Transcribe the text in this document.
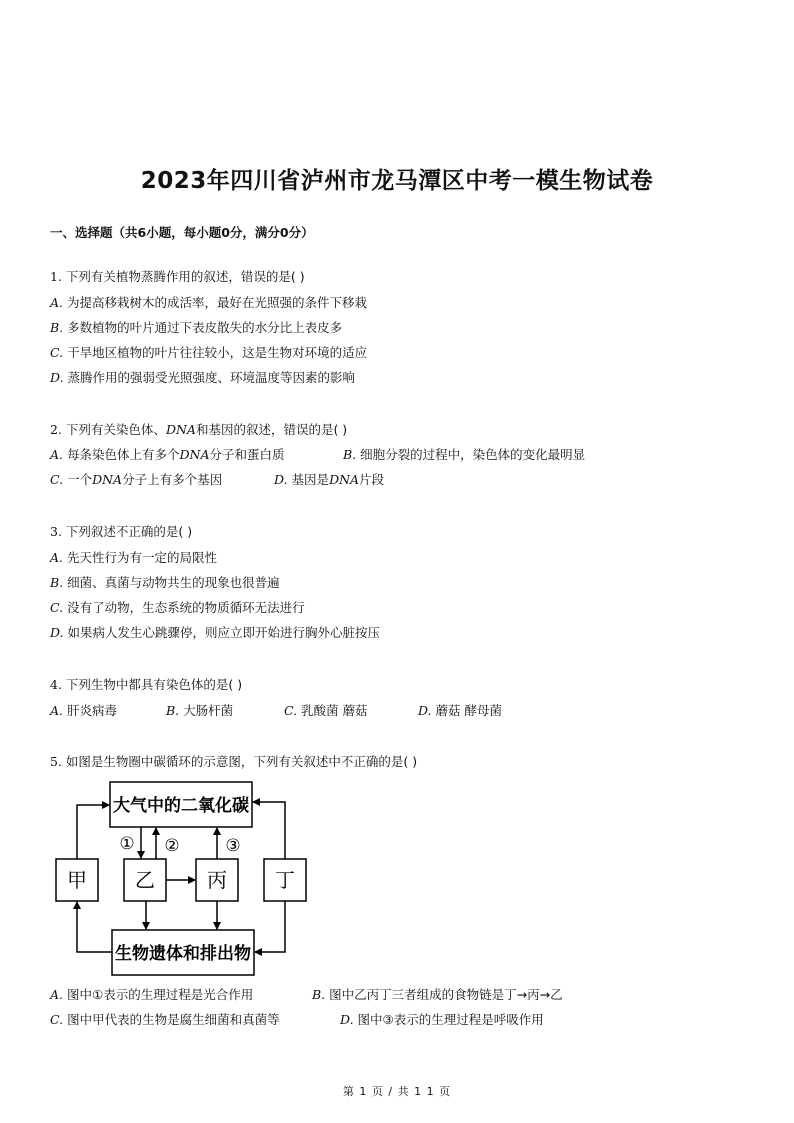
2023年四川省泸州市龙马潭区中考一模生物试卷
一、选择题（共6小题，每小题0分，满分0分）
1. 下列有关植物蒸腾作用的叙述，错误的是( )
A. 为提高移栽树木的成活率，最好在光照强的条件下移栽
B. 多数植物的叶片通过下表皮散失的水分比上表皮多
C. 干旱地区植物的叶片往往较小，这是生物对环境的适应
D. 蒸腾作用的强弱受光照强度、环境温度等因素的影响
2. 下列有关染色体、DNA和基因的叙述，错误的是( )
A. 每条染色体上有多个DNA分子和蛋白质	B. 细胞分裂的过程中，染色体的变化最明显
C. 一个DNA分子上有多个基因	D. 基因是DNA片段
3. 下列叙述不正确的是( )
A. 先天性行为有一定的局限性
B. 细菌、真菌与动物共生的现象也很普遍
C. 没有了动物，生态系统的物质循环无法进行
D. 如果病人发生心跳骤停，则应立即开始进行胸外心脏按压
4. 下列生物中都具有染色体的是( )
A. 肝炎病毒	B. 大肠杆菌	C. 乳酸菌 蘑菇	D. 蘑菇 酵母菌
5. 如图是生物圈中碳循环的示意图，下列有关叙述中不正确的是( )
大气中的二氧化碳
生物遗体和排出物
甲 乙	丙 丁
① ②	③
A. 图中①表示的生理过程是光合作用	B. 图中乙丙丁三者组成的食物链是丁→丙→乙
C. 图中甲代表的生物是腐生细菌和真菌等	D. 图中③表示的生理过程是呼吸作用
第 1 页 / 共 1 1 页
